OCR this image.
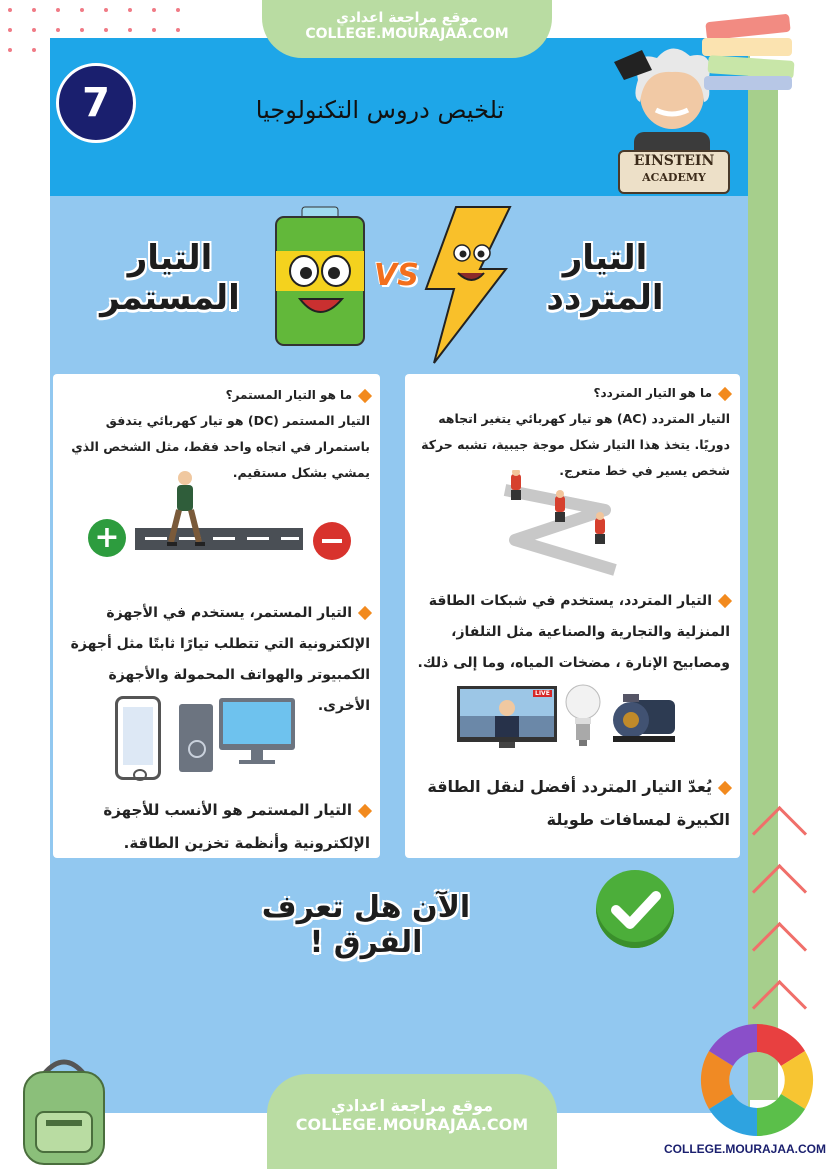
موقع مراجعة اعدادي
COLLEGE.MOURAJAA.COM
7	تلخيص دروس التكنولوجيا
EINSTEIN
ACADEMY
التيار المتردد
VS
التيار المستمر
ما هو التيار المتردد؟
التيار المتردد (AC) هو تيار كهربائي يتغير اتجاهه دوريًا. يتخذ هذا التيار شكل موجة جيبية، تشبه حركة شخص يسير في خط متعرج.
التيار المتردد، يستخدم في شبكات الطاقة المنزلية والتجارية والصناعية مثل التلفاز، ومصابيح الإنارة ، مضخات المياه، وما إلى ذلك.
LIVE
يُعدّ التيار المتردد أفضل لنقل الطاقة الكبيرة لمسافات طويلة
ما هو التيار المستمر؟
التيار المستمر (DC) هو تيار كهربائي يتدفق باستمرار في اتجاه واحد فقط، مثل الشخص الذي يمشي بشكل مستقيم.
+
التيار المستمر، يستخدم في الأجهزة الإلكترونية التي تتطلب تيارًا ثابتًا مثل أجهزة الكمبيوتر والهواتف المحمولة والأجهزة الأخرى.
التيار المستمر هو الأنسب للأجهزة الإلكترونية وأنظمة تخزين الطاقة.
الآن هل تعرف الفرق !
موقع مراجعة اعدادي
COLLEGE.MOURAJAA.COM
COLLEGE.MOURAJAA.COM
